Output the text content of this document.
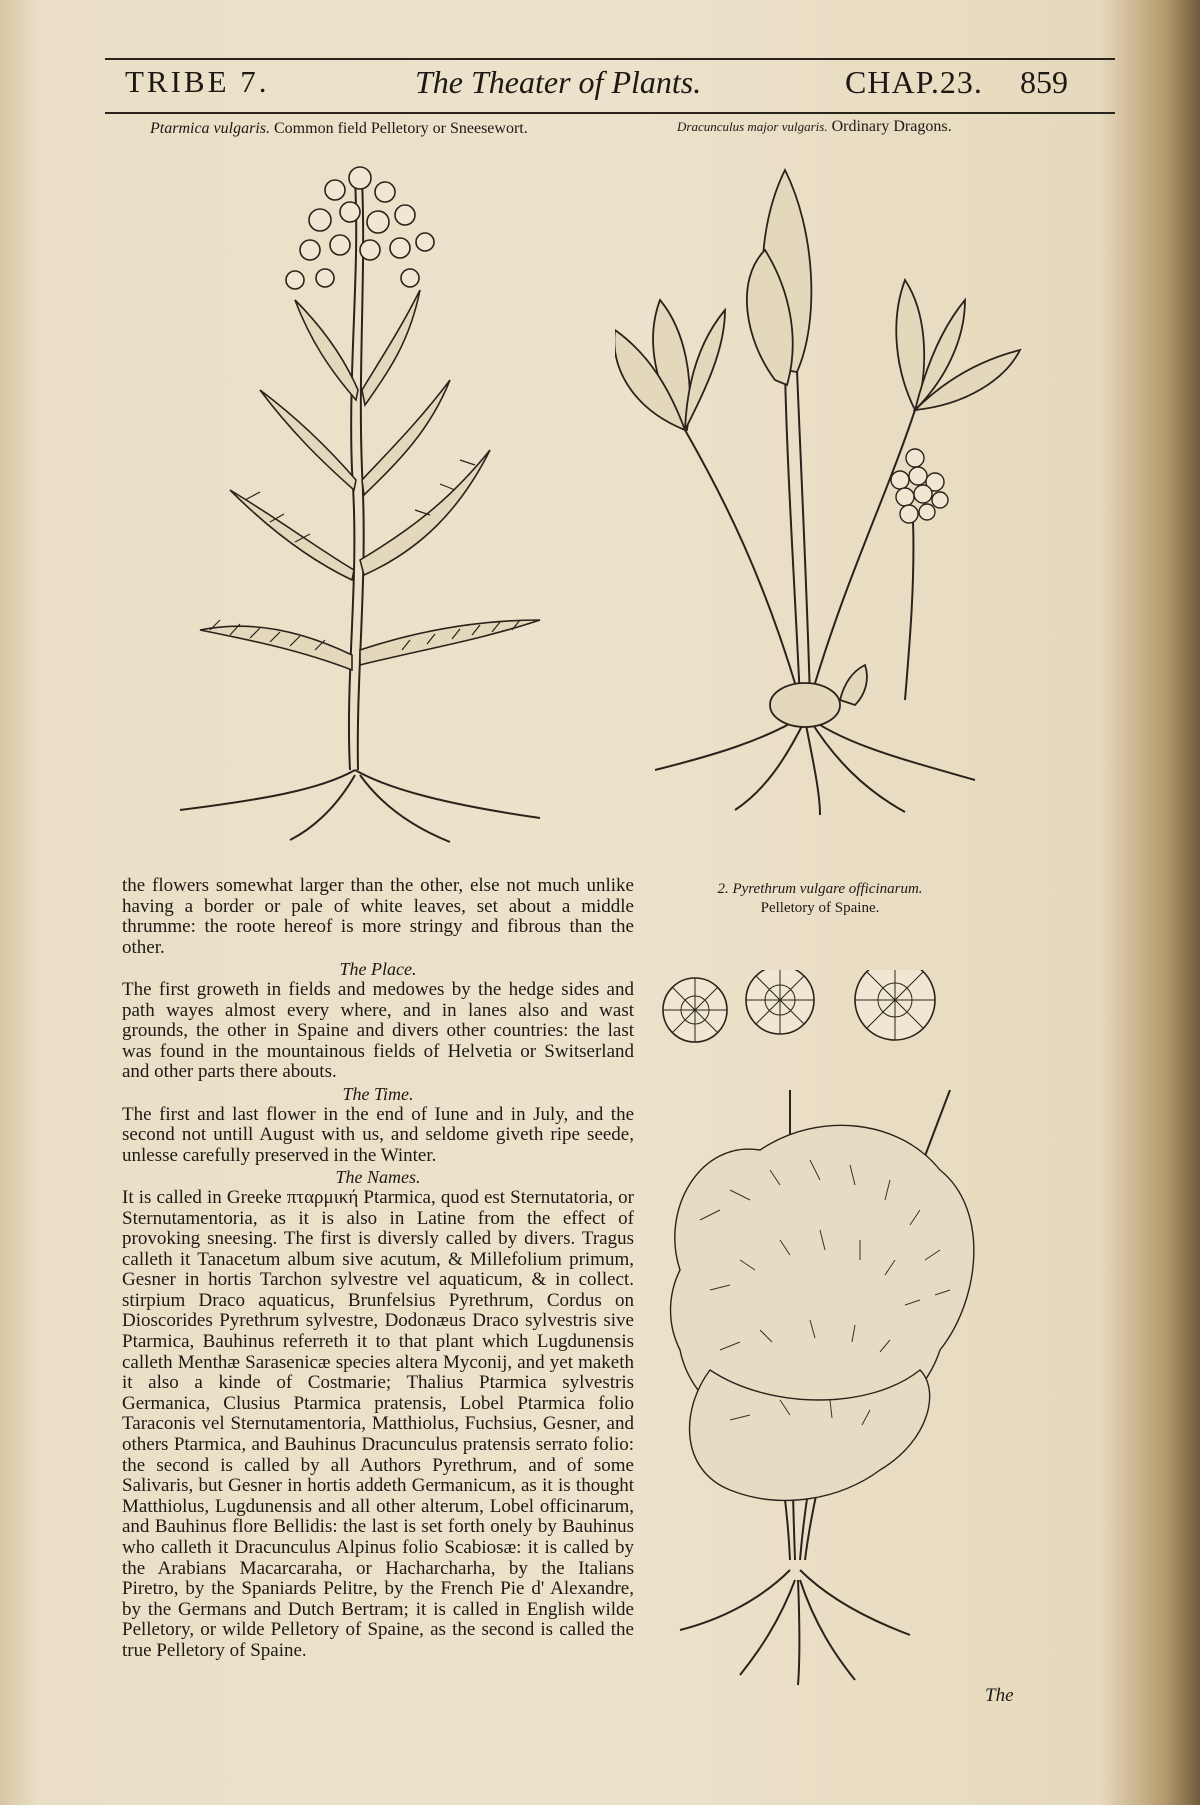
TRIBE 7.	The Theater of Plants.	CHAP.23. 859
Ptarmica vulgaris. Common field Pelletory or Sneesewort.	Dracunculus major vulgaris. Ordinary Dragons.
2. Pyrethrum vulgare officinarum.
Pelletory of Spaine.

the flowers somewhat larger than the other, else not much unlike having a border or pale of white leaves, set about a middle thrumme: the roote hereof is more stringy and fibrous than the other.

The Place.

The first groweth in fields and medowes by the hedge sides and path wayes almost every where, and in lanes also and wast grounds, the other in Spaine and divers other countries: the last was found in the mountainous fields of Helvetia or Switserland and other parts there abouts.

The Time.

The first and last flower in the end of Iune and in July, and the second not untill August with us, and seldome giveth ripe seede, unlesse carefully preserved in the Winter.

The Names.

It is called in Greeke πταρμική Ptarmica, quod est Sternutatoria, or Sternutamentoria, as it is also in Latine from the effect of provoking sneesing. The first is diversly called by divers. Tragus calleth it Tanacetum album sive acutum, & Millefolium primum, Gesner in hortis Tarchon sylvestre vel aquaticum, & in collect. stirpium Draco aquaticus, Brunfelsius Pyrethrum, Cordus on Dioscorides Pyrethrum sylvestre, Dodonæus Draco sylvestris sive Ptarmica, Bauhinus referreth it to that plant which Lugdunensis calleth Menthæ Sarasenicæ species altera Myconij, and yet maketh it also a kinde of Costmarie; Thalius Ptarmica sylvestris Germanica, Clusius Ptarmica pratensis, Lobel Ptarmica folio Taraconis vel Sternutamentoria, Matthiolus, Fuchsius, Gesner, and others Ptarmica, and Bauhinus Dracunculus pratensis serrato folio: the second is called by all Authors Pyrethrum, and of some Salivaris, but Gesner in hortis addeth Germanicum, as it is thought Matthiolus, Lugdunensis and all other alterum, Lobel officinarum, and Bauhinus flore Bellidis: the last is set forth onely by Bauhinus who calleth it Dracunculus Alpinus folio Scabiosæ: it is called by the Arabians Macarcaraha, or Hacharcharha, by the Italians Piretro, by the Spaniards Pelitre, by the French Pie d' Alexandre, by the Germans and Dutch Bertram; it is called in English wilde Pelletory, or wilde Pelletory of Spaine, as the second is called the true Pelletory of Spaine.

The
